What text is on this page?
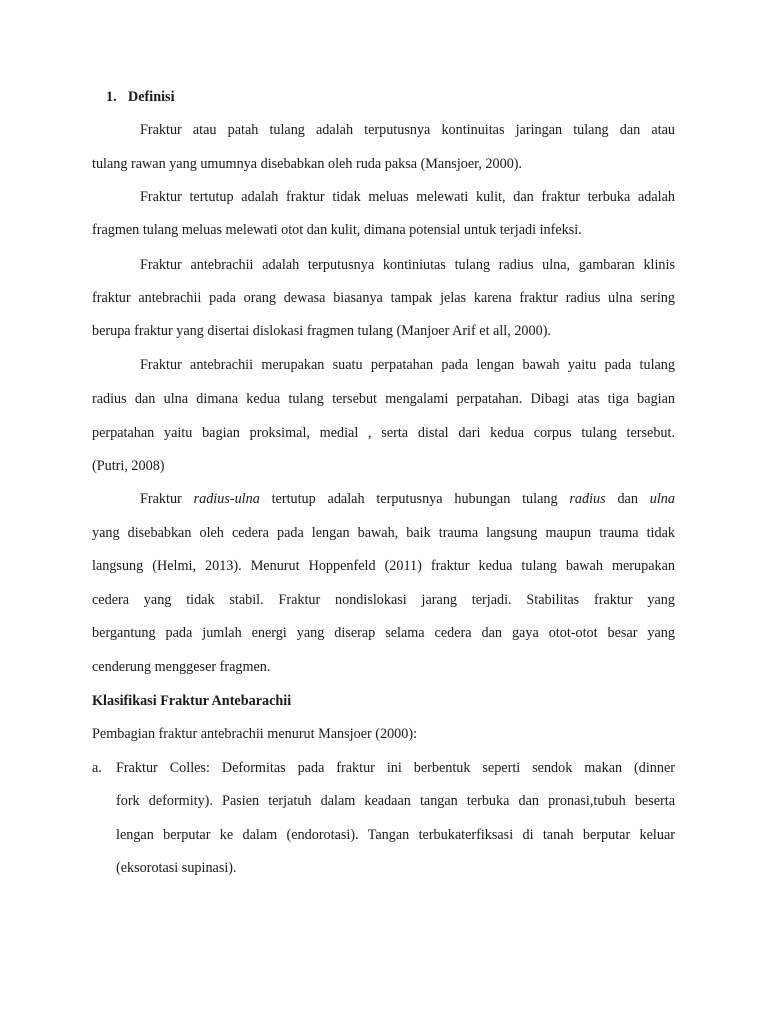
1. Definisi
Fraktur atau patah tulang adalah terputusnya kontinuitas jaringan tulang dan atau
tulang rawan yang umumnya disebabkan oleh ruda paksa (Mansjoer, 2000).
Fraktur tertutup adalah fraktur tidak meluas melewati kulit, dan fraktur terbuka adalah
fragmen tulang meluas melewati otot dan kulit, dimana potensial untuk terjadi infeksi.
Fraktur antebrachii adalah terputusnya kontiniutas tulang radius ulna, gambaran klinis
fraktur antebrachii pada orang dewasa biasanya tampak jelas karena fraktur radius ulna sering
berupa fraktur yang disertai dislokasi fragmen tulang (Manjoer Arif et all, 2000).
Fraktur antebrachii merupakan suatu perpatahan pada lengan bawah yaitu pada tulang
radius dan ulna dimana kedua tulang tersebut mengalami perpatahan. Dibagi atas tiga bagian
perpatahan yaitu bagian proksimal, medial , serta distal dari kedua corpus tulang tersebut.
(Putri, 2008)
Fraktur radius-ulna tertutup adalah terputusnya hubungan tulang radius dan ulna
yang disebabkan oleh cedera pada lengan bawah, baik trauma langsung maupun trauma tidak
langsung (Helmi, 2013). Menurut Hoppenfeld (2011) fraktur kedua tulang bawah merupakan
cedera yang tidak stabil. Fraktur nondislokasi jarang terjadi. Stabilitas fraktur yang
bergantung pada jumlah energi yang diserap selama cedera dan gaya otot-otot besar yang
cenderung menggeser fragmen.
Klasifikasi Fraktur Antebarachii
Pembagian fraktur antebrachii menurut Mansjoer (2000):
a. Fraktur Colles: Deformitas pada fraktur ini berbentuk seperti sendok makan (dinner
fork deformity). Pasien terjatuh dalam keadaan tangan terbuka dan pronasi,tubuh beserta
lengan berputar ke dalam (endorotasi). Tangan terbukaterfiksasi di tanah berputar keluar
(eksorotasi supinasi).
